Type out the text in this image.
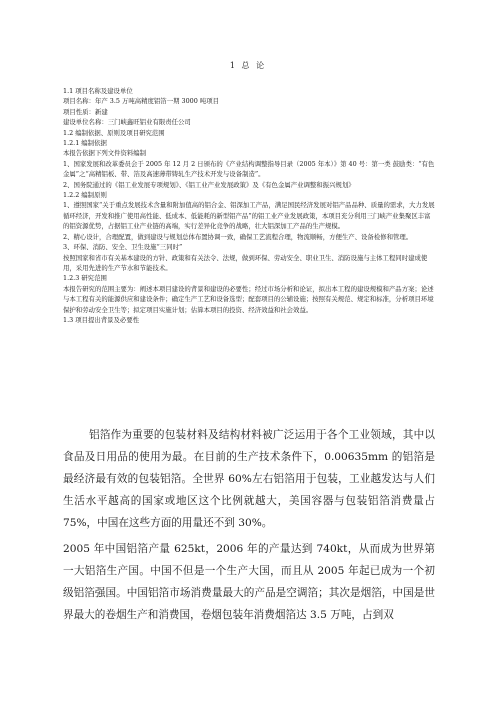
1 总 论
1.1 项目名称及建设单位
项目名称：年产 3.5 万吨高精度铝箔一期 3000 吨项目
项目性质：新建
建设单位名称：三门峡鑫旺铝业有限责任公司
1.2 编制依据、原则及项目研究范围
1.2.1 编制依据
本报告依据下列文件资料编制
1、国家发展和改革委员会于 2005 年 12 月 2 日颁布的《产业结构调整指导目录（2005 年本）》第 40 号：第一类 鼓励类：“有色金属”之“高精铝板、带、箔及高速薄带铸轧生产技术开发与设备制造”。
2、国务院通过的《铝工业发展专项规划》、《铝工业产业发展政策》及《有色金属产业调整和振兴规划》
1.2.2 编制原则
1、遵照国家“关于重点发展技术含量和附加值高的铝合金、铝深加工产品，满足国民经济发展对铝产品品种、质量的需求，大力发展循环经济，开发和推广使用高性能、低成本、低能耗的新型铝产品”的铝工业产业发展政策，本项目充分利用三门峡产业集聚区丰富的铝资源优势，占据铝工业产业链的高端，实行差异化竞争的战略，壮大铝深加工产品的生产规模。
2、精心设计，合理配置，做到建设与规划总体布置协调一致，确保工艺流程合理，物流顺畅，方便生产、设备检修和管理。
3、环保、消防、安全、卫生设施“三同时”
按照国家和省市有关基本建设的方针、政策和有关法令、法规，做到环保、劳动安全、职业卫生、消防设施与主体工程同时建成使用，采用先进的生产节水和节能技术。
1.2.3 研究范围
本报告研究的范围主要为：阐述本项目建设的背景和建设的必要性；经过市场分析和论证，拟出本工程的建设规模和产品方案；论述与本工程有关的能源供应和建设条件；确定生产工艺和设备选型；配套项目的公辅设施；按照有关规范、规定和标准，分析项目环境保护和劳动安全卫生等；拟定项目实施计划；估算本项目的投资、经济效益和社会效益。
1.3 项目提出背景及必要性
铝箔作为重要的包装材料及结构材料被广泛运用于各个工业领域，其中以食品及日用品的使用为最。在目前的生产技术条件下，0.00635mm 的铝箔是最经济最有效的包装铝箔。全世界 60%左右铝箔用于包装，工业越发达与人们生活水平越高的国家或地区这个比例就越大，美国容器与包装铝箔消费量占 75%，中国在这些方面的用量还不到 30%。
2005 年中国铝箔产量 625kt，2006 年的产量达到 740kt，从而成为世界第一大铝箔生产国。中国不但是一个生产大国，而且从 2005 年起已成为一个初级铝箔强国。中国铝箔市场消费量最大的产品是空调箔；其次是烟箔，中国是世界最大的卷烟生产和消费国，卷烟包装年消费烟箔达 3.5 万吨，占到双
